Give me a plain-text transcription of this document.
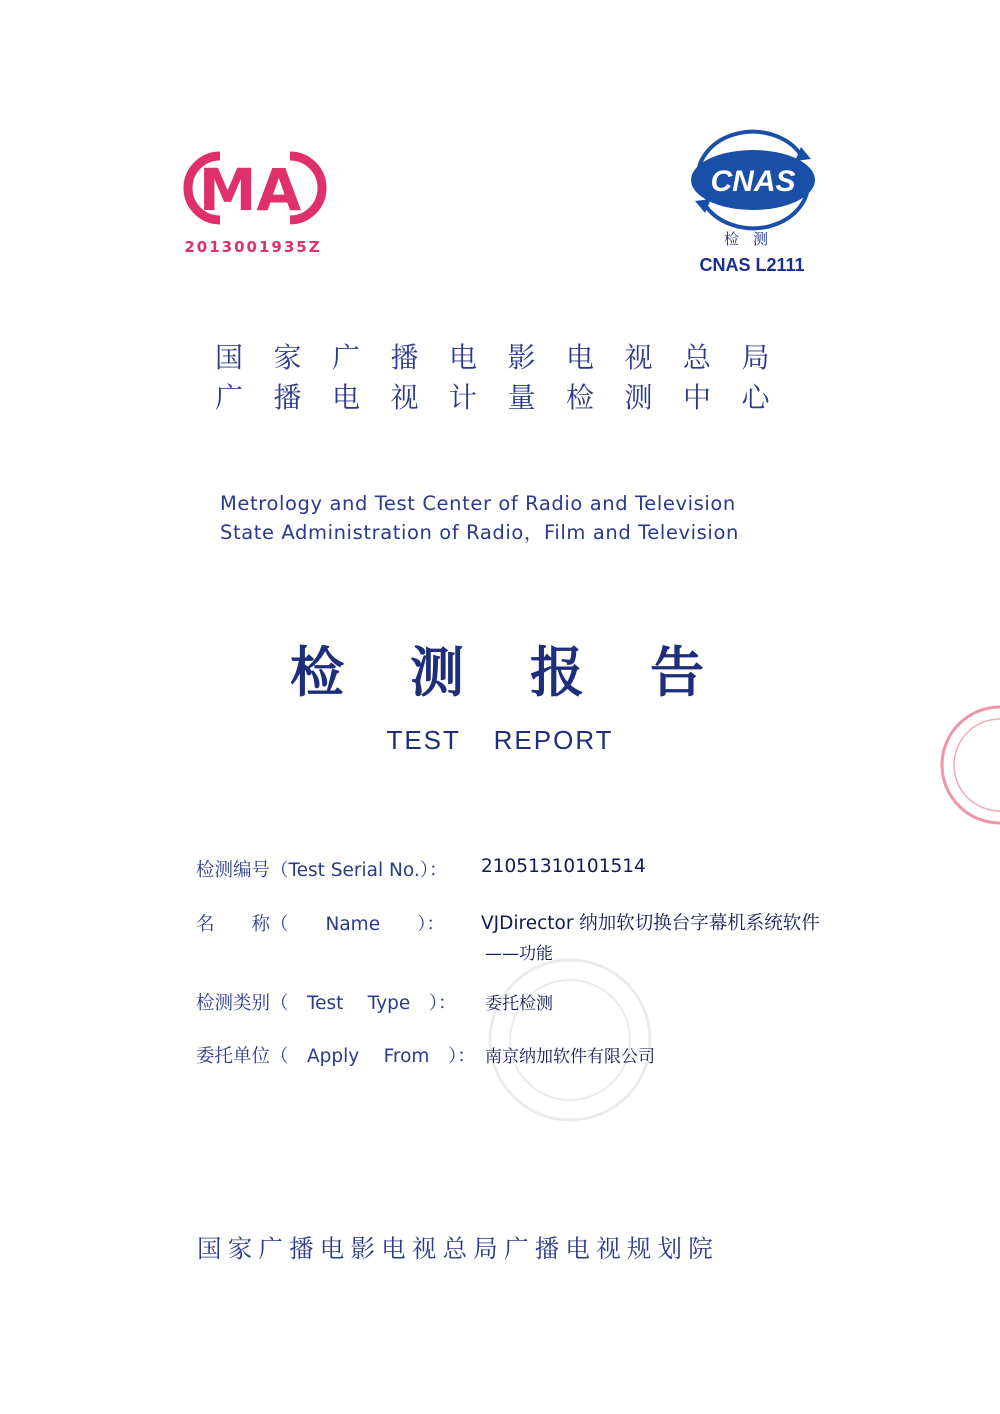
MA
2013001935Z
CNAS
检测
CNAS L2111
国家广播电影电视总局
广播电视计量检测中心
Metrology and Test Center of Radio and Television
State Administration of Radio，Film and Television
检测报告
TEST REPORT
检测编号（Test Serial No.）： 21051310101514
名　　称（　　Name　　）： VJDirector 纳加软切换台字幕机系统软件
——功能
检测类别（　Test　 Type　）： 委托检测
委托单位（　Apply　 From　）： 南京纳加软件有限公司
国家广播电影电视总局广播电视规划院
